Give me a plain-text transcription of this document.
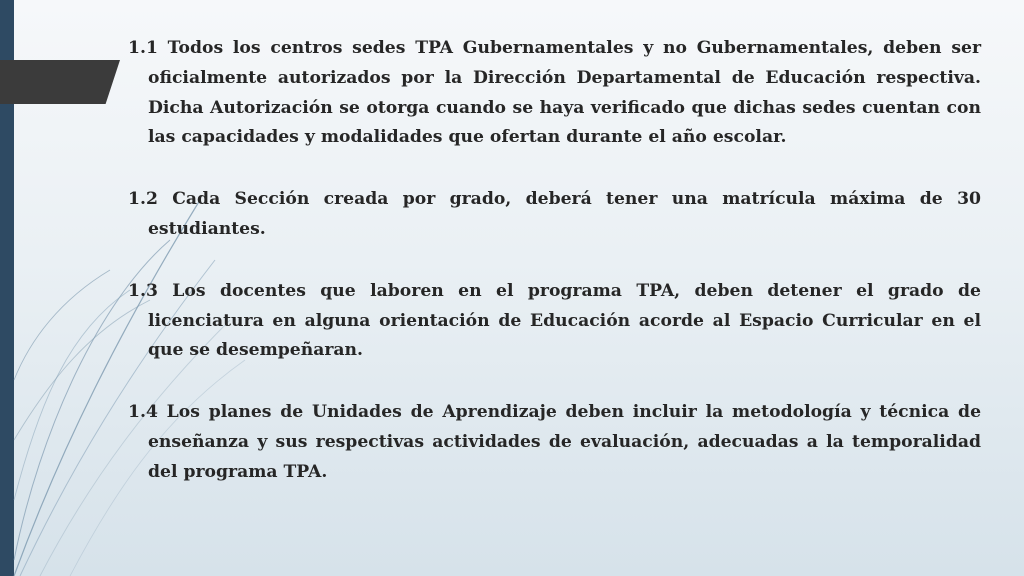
1.1 Todos los centros sedes TPA Gubernamentales y no Gubernamentales, deben ser oficialmente autorizados por la Dirección Departamental de Educación respectiva. Dicha Autorización se otorga cuando se haya verificado que dichas sedes cuentan con las capacidades y modalidades que ofertan durante el año escolar.

1.2 Cada Sección creada por grado, deberá tener una matrícula máxima de 30 estudiantes.

1.3 Los docentes que laboren en el programa TPA, deben detener el grado de licenciatura en alguna orientación de Educación acorde al Espacio Curricular en el que se desempeñaran.

1.4 Los planes de Unidades de Aprendizaje deben incluir la metodología y técnica de enseñanza y sus respectivas actividades de evaluación, adecuadas a la temporalidad del programa TPA.
